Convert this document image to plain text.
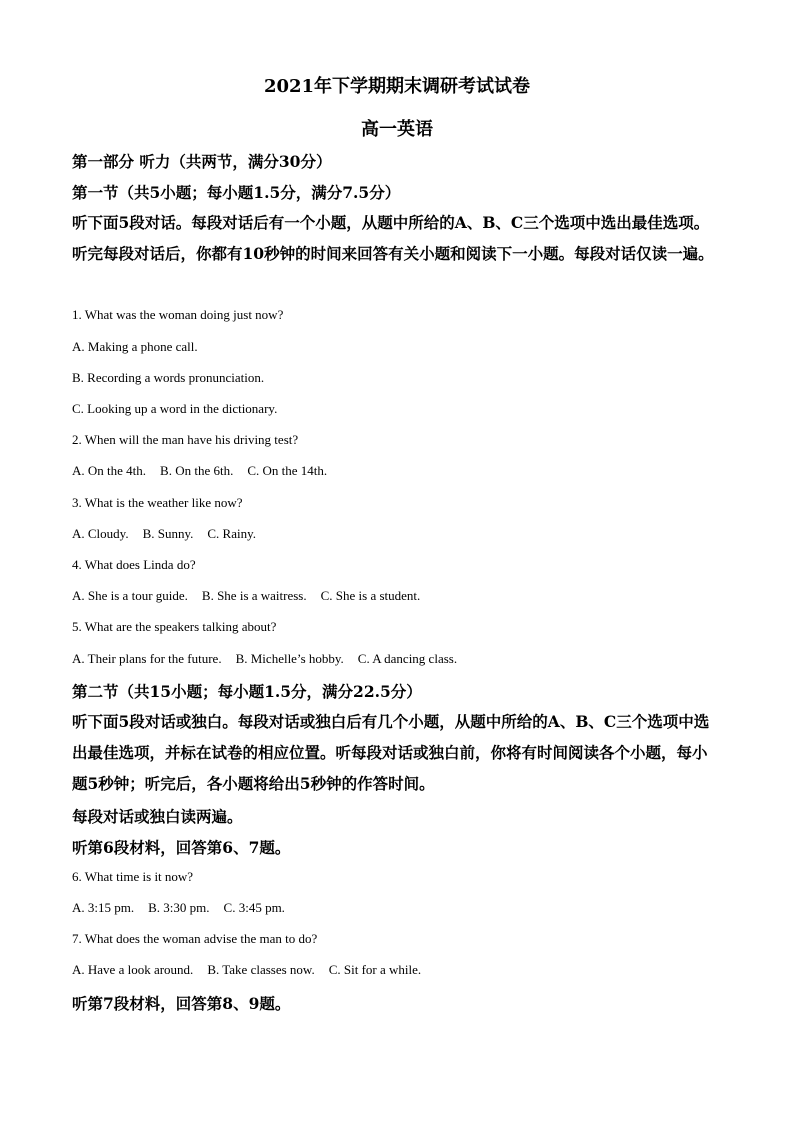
2021年下学期期末调研考试试卷
高一英语
第一部分 听力（共两节，满分30分）
第一节（共5小题；每小题1.5分，满分7.5分）
听下面5段对话。每段对话后有一个小题，从题中所给的A、B、C三个选项中选出最佳选项。听完每段对话后，你都有10秒钟的时间来回答有关小题和阅读下一小题。每段对话仅读一遍。
1. What was the woman doing just now?
A. Making a phone call.
B. Recording a words pronunciation.
C. Looking up a word in the dictionary.
2. When will the man have his driving test?
A. On the 4th. B. On the 6th. C. On the 14th.
3. What is the weather like now?
A. Cloudy. B. Sunny. C. Rainy.
4. What does Linda do?
A. She is a tour guide. B. She is a waitress. C. She is a student.
5. What are the speakers talking about?
A. Their plans for the future. B. Michelle’s hobby. C. A dancing class.
第二节（共15小题；每小题1.5分，满分22.5分）
听下面5段对话或独白。每段对话或独白后有几个小题，从题中所给的A、B、C三个选项中选出最佳选项，并标在试卷的相应位置。听每段对话或独白前，你将有时间阅读各个小题，每小题5秒钟；听完后，各小题将给出5秒钟的作答时间。
每段对话或独白读两遍。
听第6段材料，回答第6、7题。
6. What time is it now?
A. 3:15 pm. B. 3:30 pm. C. 3:45 pm.
7. What does the woman advise the man to do?
A. Have a look around. B. Take classes now. C. Sit for a while.
听第7段材料，回答第8、9题。
